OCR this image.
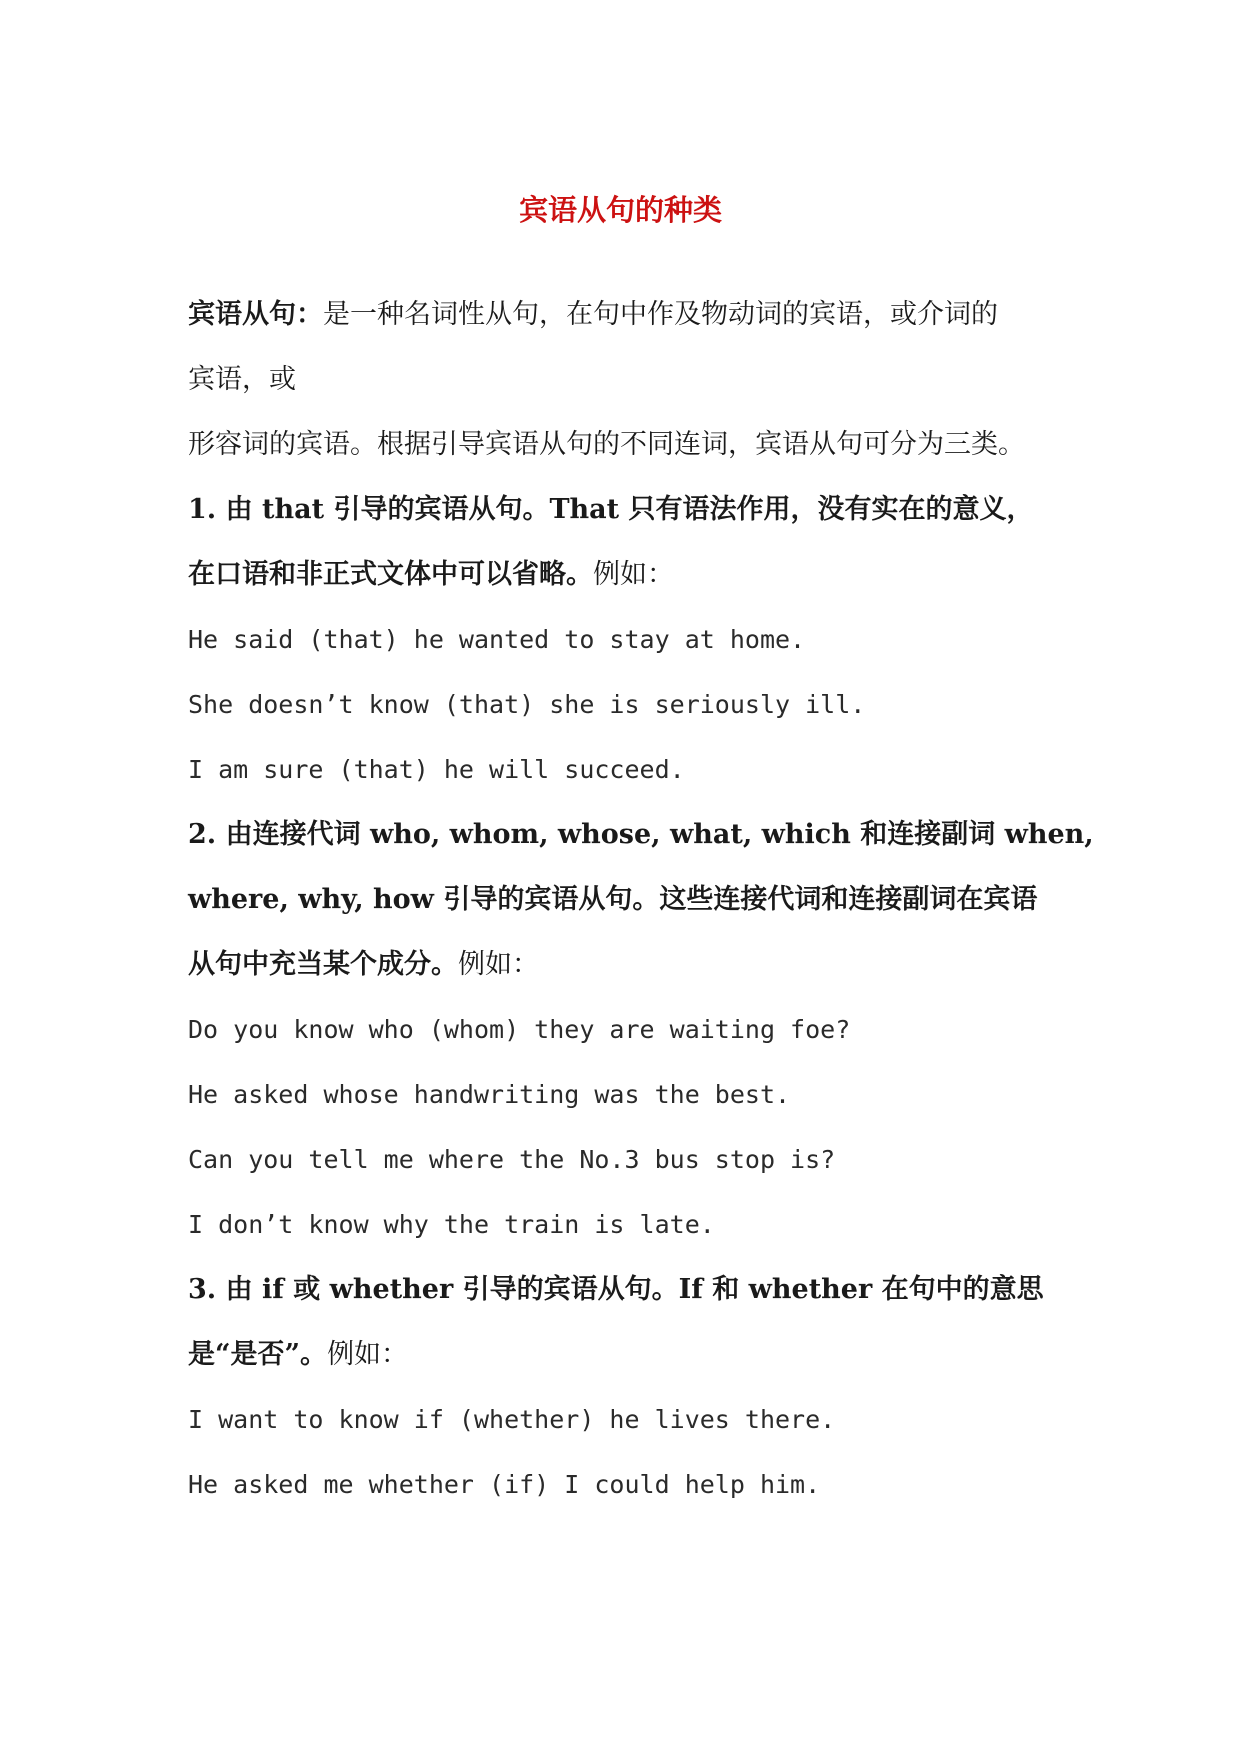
宾语从句的种类
宾语从句：是一种名词性从句，在句中作及物动词的宾语，或介词的
宾语，或
形容词的宾语。根据引导宾语从句的不同连词，宾语从句可分为三类。
1. 由 that 引导的宾语从句。That 只有语法作用，没有实在的意义，
在口语和非正式文体中可以省略。例如：
He said (that) he wanted to stay at home.
She doesn’t know (that) she is seriously ill.
I am sure (that) he will succeed.
2. 由连接代词 who, whom, whose, what, which 和连接副词 when,
where, why, how 引导的宾语从句。这些连接代词和连接副词在宾语
从句中充当某个成分。例如：
Do you know who (whom) they are waiting foe?
He asked whose handwriting was the best.
Can you tell me where the No.3 bus stop is?
I don’t know why the train is late.
3. 由 if 或 whether 引导的宾语从句。If 和 whether 在句中的意思
是“是否”。例如：
I want to know if (whether) he lives there.
He asked me whether (if) I could help him.
